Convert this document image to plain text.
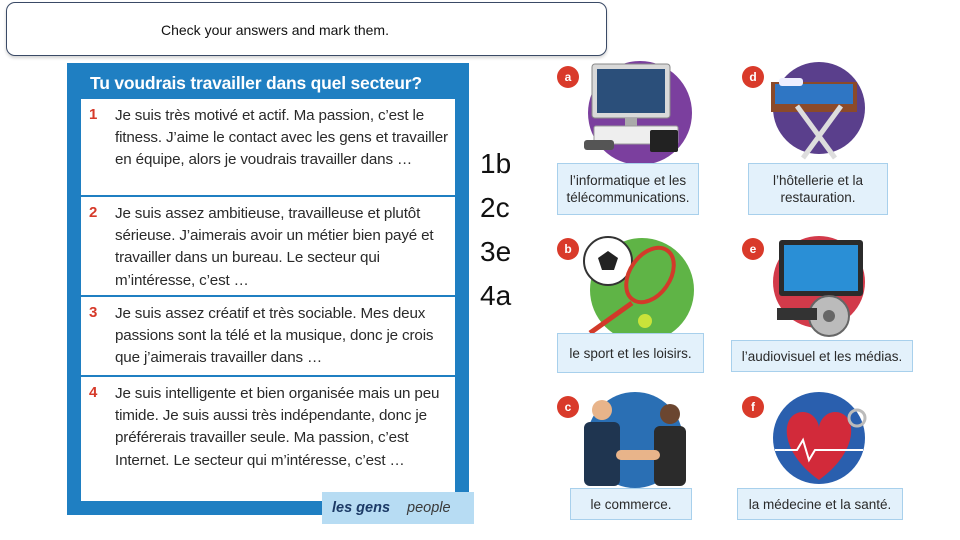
Check your answers and mark them.
Tu voudrais travailler dans quel secteur?
1 Je suis très motivé et actif. Ma passion, c’est le fitness. J’aime le contact avec les gens et travailler en équipe, alors je voudrais travailler dans …
2 Je suis assez ambitieuse, travailleuse et plutôt sérieuse. J’aimerais avoir un métier bien payé et travailler dans un bureau. Le secteur qui m’intéresse, c’est …
3 Je suis assez créatif et très sociable. Mes deux passions sont la télé et la musique, donc je crois que j’aimerais travailler dans …
4 Je suis intelligente et bien organisée mais un peu timide. Je suis aussi très indépendante, donc je préférerais travailler seule. Ma passion, c’est Internet. Le secteur qui m’intéresse, c’est …
les gens people
1b
2c
3e
4a
a
l’informatique et les télécommunications.
b
le sport et les loisirs.
c
le commerce.
d
l’hôtellerie et la restauration.
e
l’audiovisuel et les médias.
f
la médecine et la santé.
